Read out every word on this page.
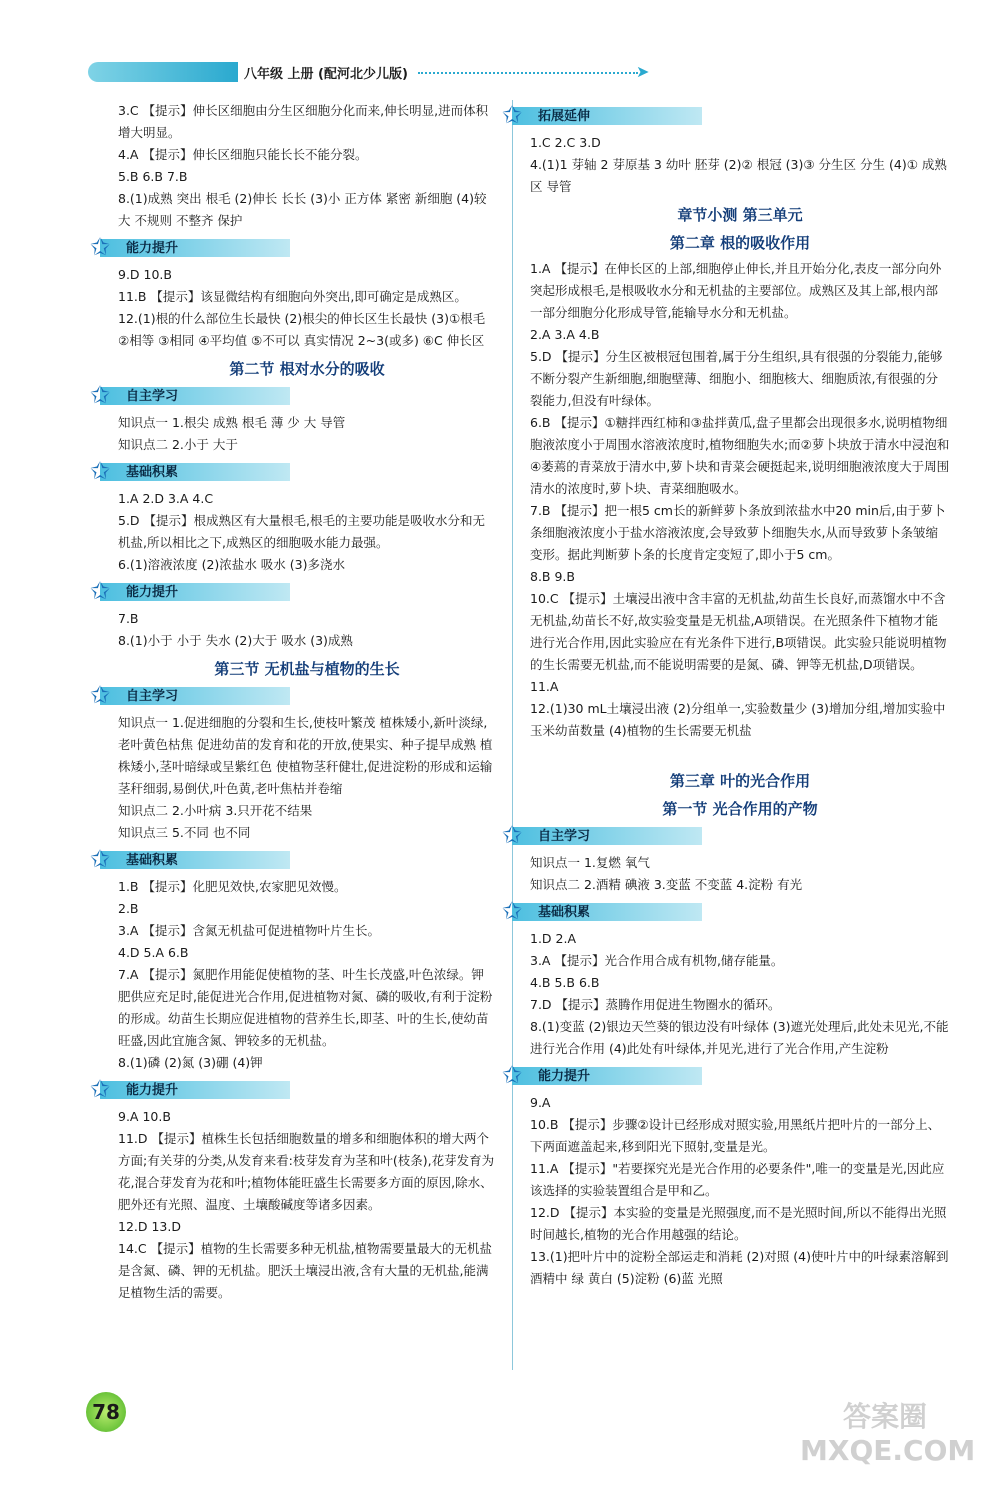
八年级 上册 (配河北少儿版)	➤

3.C 【提示】伸长区细胞由分生区细胞分化而来,伸长明显,进而体积增大明显。

4.A 【提示】伸长区细胞只能长长不能分裂。

5.B 6.B 7.B

8.(1)成熟 突出 根毛 (2)伸长 长长 (3)小 正方体 紧密 新细胞 (4)较大 不规则 不整齐 保护

✩ 能力提升

9.D 10.B

11.B 【提示】该显微结构有细胞向外突出,即可确定是成熟区。

12.(1)根的什么部位生长最快 (2)根尖的伸长区生长最快 (3)①根毛 ②相等 ③相同 ④平均值 ⑤不可以 真实情况 2~3(或多) ⑥C 伸长区

第二节 根对水分的吸收
✩ 自主学习

知识点一 1.根尖 成熟 根毛 薄 少 大 导管

知识点二 2.小于 大于

✩ 基础积累

1.A 2.D 3.A 4.C

5.D 【提示】根成熟区有大量根毛,根毛的主要功能是吸收水分和无机盐,所以相比之下,成熟区的细胞吸水能力最强。

6.(1)溶液浓度 (2)浓盐水 吸水 (3)多浇水

✩ 能力提升

7.B

8.(1)小于 小于 失水 (2)大于 吸水 (3)成熟

第三节 无机盐与植物的生长
✩ 自主学习

知识点一 1.促进细胞的分裂和生长,使枝叶繁茂 植株矮小,新叶淡绿,老叶黄色枯焦 促进幼苗的发育和花的开放,使果实、种子提早成熟 植株矮小,茎叶暗绿或呈紫红色 使植物茎秆健壮,促进淀粉的形成和运输 茎秆细弱,易倒伏,叶色黄,老叶焦枯并卷缩

知识点二 2.小叶病 3.只开花不结果

知识点三 5.不同 也不同

✩ 基础积累

1.B 【提示】化肥见效快,农家肥见效慢。

2.B

3.A 【提示】含氮无机盐可促进植物叶片生长。

4.D 5.A 6.B

7.A 【提示】氮肥作用能促使植物的茎、叶生长茂盛,叶色浓绿。钾肥供应充足时,能促进光合作用,促进植物对氮、磷的吸收,有利于淀粉的形成。幼苗生长期应促进植物的营养生长,即茎、叶的生长,使幼苗旺盛,因此宜施含氮、钾较多的无机盐。

8.(1)磷 (2)氮 (3)硼 (4)钾

✩ 能力提升

9.A 10.B

11.D 【提示】植株生长包括细胞数量的增多和细胞体积的增大两个方面;有关芽的分类,从发育来看:枝芽发育为茎和叶(枝条),花芽发育为花,混合芽发育为花和叶;植物体能旺盛生长需要多方面的原因,除水、肥外还有光照、温度、土壤酸碱度等诸多因素。

12.D 13.D

14.C 【提示】植物的生长需要多种无机盐,植物需要量最大的无机盐是含氮、磷、钾的无机盐。肥沃土壤浸出液,含有大量的无机盐,能满足植物生活的需要。

✩ 拓展延伸

1.C 2.C 3.D

4.(1)1 芽轴 2 芽原基 3 幼叶 胚芽 (2)② 根冠 (3)③ 分生区 分生 (4)① 成熟区 导管

章节小测 第三单元
第二章 根的吸收作用

1.A 【提示】在伸长区的上部,细胞停止伸长,并且开始分化,表皮一部分向外突起形成根毛,是根吸收水分和无机盐的主要部位。成熟区及其上部,根内部一部分细胞分化形成导管,能输导水分和无机盐。

2.A 3.A 4.B

5.D 【提示】分生区被根冠包围着,属于分生组织,具有很强的分裂能力,能够不断分裂产生新细胞,细胞壁薄、细胞小、细胞核大、细胞质浓,有很强的分裂能力,但没有叶绿体。

6.B 【提示】①糖拌西红柿和③盐拌黄瓜,盘子里都会出现很多水,说明植物细胞液浓度小于周围水溶液浓度时,植物细胞失水;而②萝卜块放于清水中浸泡和④萎蔫的青菜放于清水中,萝卜块和青菜会硬挺起来,说明细胞液浓度大于周围清水的浓度时,萝卜块、青菜细胞吸水。

7.B 【提示】把一根5 cm长的新鲜萝卜条放到浓盐水中20 min后,由于萝卜条细胞液浓度小于盐水溶液浓度,会导致萝卜细胞失水,从而导致萝卜条皱缩变形。据此判断萝卜条的长度肯定变短了,即小于5 cm。

8.B 9.B

10.C 【提示】土壤浸出液中含丰富的无机盐,幼苗生长良好,而蒸馏水中不含无机盐,幼苗长不好,故实验变量是无机盐,A项错误。在光照条件下植物才能进行光合作用,因此实验应在有光条件下进行,B项错误。此实验只能说明植物的生长需要无机盐,而不能说明需要的是氮、磷、钾等无机盐,D项错误。

11.A

12.(1)30 mL土壤浸出液 (2)分组单一,实验数量少 (3)增加分组,增加实验中玉米幼苗数量 (4)植物的生长需要无机盐

第三章 叶的光合作用
第一节 光合作用的产物
✩ 自主学习

知识点一 1.复燃 氧气

知识点二 2.酒精 碘液 3.变蓝 不变蓝 4.淀粉 有光

✩ 基础积累

1.D 2.A

3.A 【提示】光合作用合成有机物,储存能量。

4.B 5.B 6.B

7.D 【提示】蒸腾作用促进生物圈水的循环。

8.(1)变蓝 (2)银边天竺葵的银边没有叶绿体 (3)遮光处理后,此处未见光,不能进行光合作用 (4)此处有叶绿体,并见光,进行了光合作用,产生淀粉

✩ 能力提升

9.A

10.B 【提示】步骤②设计已经形成对照实验,用黑纸片把叶片的一部分上、下两面遮盖起来,移到阳光下照射,变量是光。

11.A 【提示】"若要探究光是光合作用的必要条件",唯一的变量是光,因此应该选择的实验装置组合是甲和乙。

12.D 【提示】本实验的变量是光照强度,而不是光照时间,所以不能得出光照时间越长,植物的光合作用越强的结论。

13.(1)把叶片中的淀粉全部运走和消耗 (2)对照 (4)使叶片中的叶绿素溶解到酒精中 绿 黄白 (5)淀粉 (6)蓝 光照

78	答案圈
MXQE.COM
